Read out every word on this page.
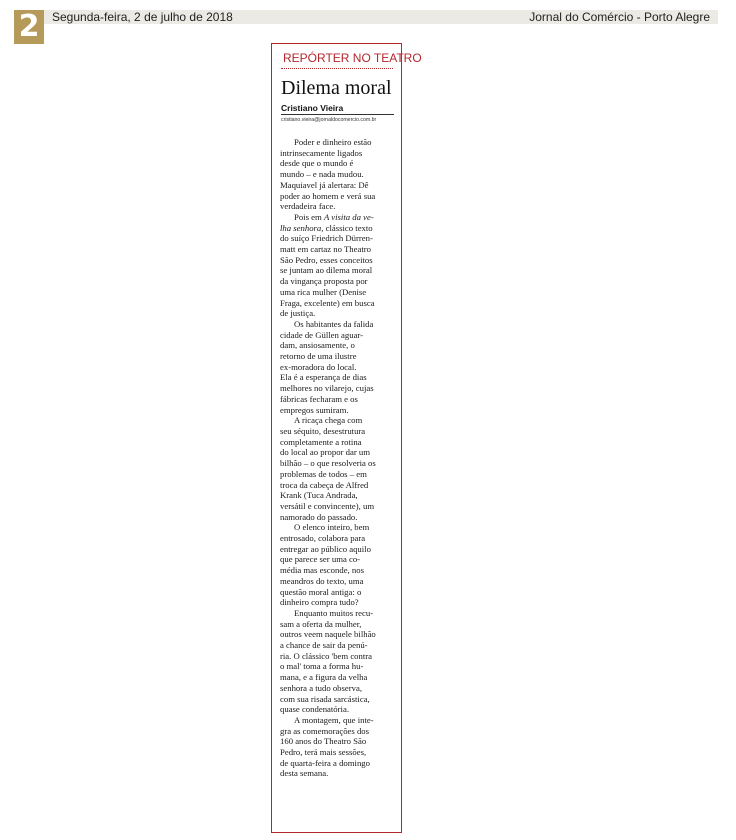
2	Segunda-feira, 2 de julho de 2018	Jornal do Comércio - Porto Alegre
REPÓRTER NO TEATRO
Dilema moral
Cristiano Vieira
cristiano.vieira@jornaldocomercio.com.br
Poder e dinheiro estão
intrinsecamente ligados
desde que o mundo é
mundo – e nada mudou.
Maquiavel já alertara: Dê
poder ao homem e verá sua
verdadeira face.
Pois em A visita da ve-
lha senhora, clássico texto
do suíço Friedrich Dürren-
matt em cartaz no Theatro
São Pedro, esses conceitos
se juntam ao dilema moral
da vingança proposta por
uma rica mulher (Denise
Fraga, excelente) em busca
de justiça.
Os habitantes da falida
cidade de Güllen aguar-
dam, ansiosamente, o
retorno de uma ilustre
ex-moradora do local.
Ela é a esperança de dias
melhores no vilarejo, cujas
fábricas fecharam e os
empregos sumiram.
A ricaça chega com
seu séquito, desestrutura
completamente a rotina
do local ao propor dar um
bilhão – o que resolveria os
problemas de todos – em
troca da cabeça de Alfred
Krank (Tuca Andrada,
versátil e convincente), um
namorado do passado.
O elenco inteiro, bem
entrosado, colabora para
entregar ao público aquilo
que parece ser uma co-
média mas esconde, nos
meandros do texto, uma
questão moral antiga: o
dinheiro compra tudo?
Enquanto muitos recu-
sam a oferta da mulher,
outros veem naquele bilhão
a chance de sair da penú-
ria. O clássico 'bem contra
o mal' toma a forma hu-
mana, e a figura da velha
senhora a tudo observa,
com sua risada sarcástica,
quase condenatória.
A montagem, que inte-
gra as comemorações dos
160 anos do Theatro São
Pedro, terá mais sessões,
de quarta-feira a domingo
desta semana.
